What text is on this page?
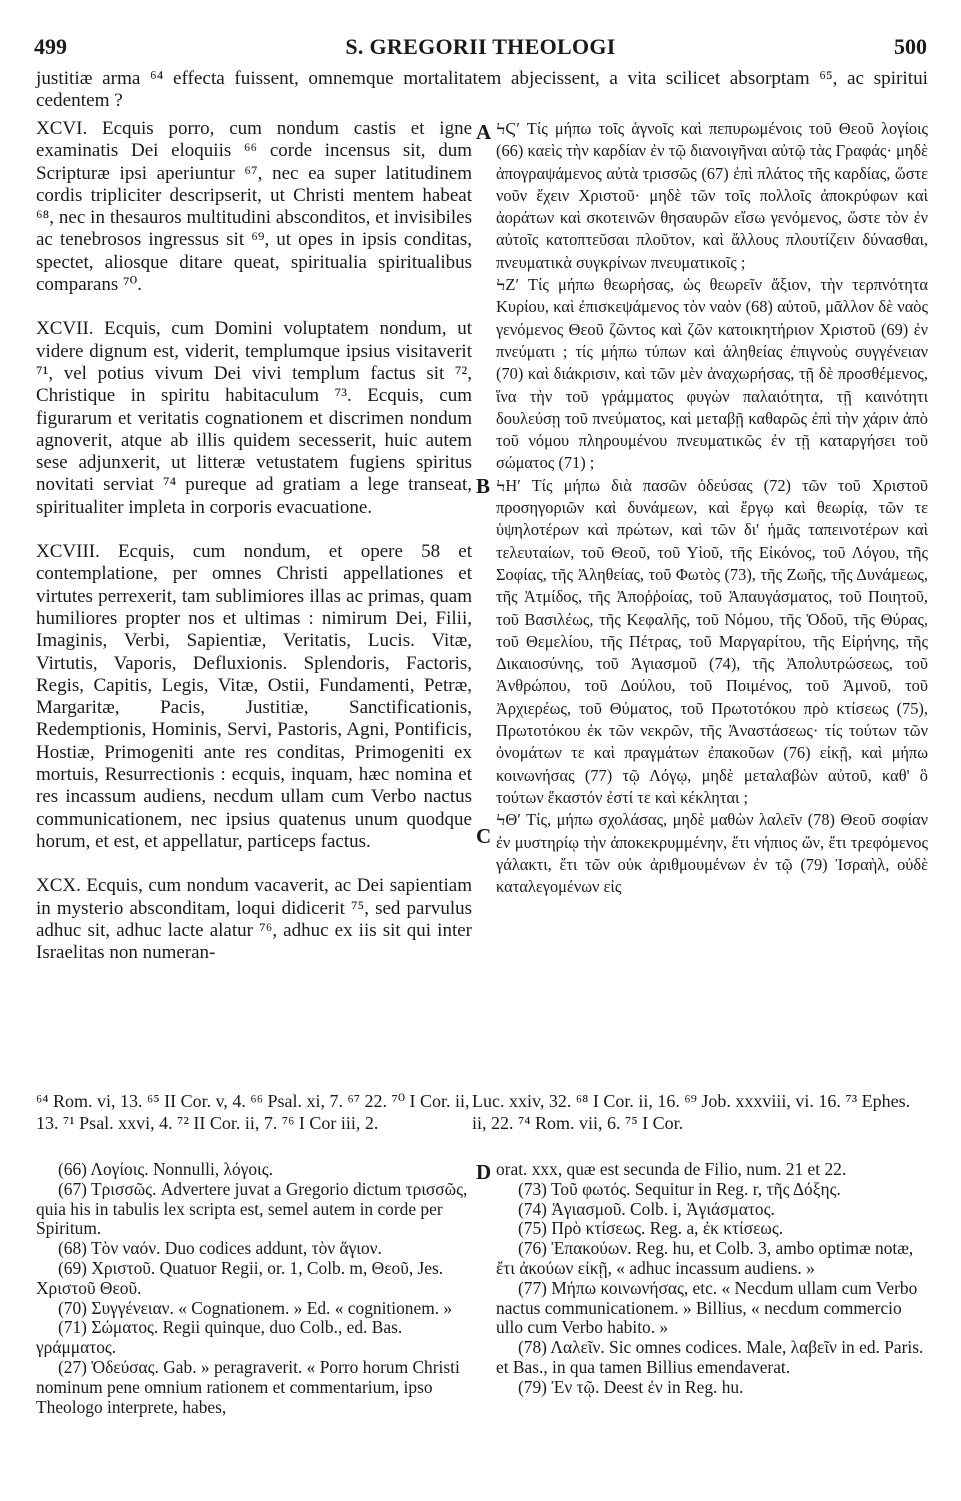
499	S. GREGORII THEOLOGI	500

justitiæ arma ⁶⁴ effecta fuissent, omnemque mortalitatem abjecissent, a vita scilicet absorptam ⁶⁵, ac spiritui cedentem ?

XCVI. Ecquis porro, cum nondum castis et igne examinatis Dei eloquiis ⁶⁶ corde incensus sit, dum Scripturæ ipsi aperiuntur ⁶⁷, nec ea super latitudinem cordis tripliciter descripserit, ut Christi mentem habeat ⁶⁸, nec in thesauros multitudini absconditos, et invisibiles ac tenebrosos ingressus sit ⁶⁹, ut opes in ipsis conditas, spectet, aliosque ditare queat, spiritualia spiritualibus comparans ⁷⁰.

XCVII. Ecquis, cum Domini voluptatem nondum, ut videre dignum est, viderit, templumque ipsius visitaverit ⁷¹, vel potius vivum Dei vivi templum factus sit ⁷², Christique in spiritu habitaculum ⁷³. Ecquis, cum figurarum et veritatis cognationem et discrimen nondum agnoverit, atque ab illis quidem secesserit, huic autem sese adjunxerit, ut litteræ vetustatem fugiens spiritus novitati serviat ⁷⁴ pureque ad gratiam a lege transeat, spiritualiter impleta in corporis evacuatione.

XCVIII. Ecquis, cum nondum, et opere 58 et contemplatione, per omnes Christi appellationes et virtutes perrexerit, tam sublimiores illas ac primas, quam humiliores propter nos et ultimas : nimirum Dei, Filii, Imaginis, Verbi, Sapientiæ, Veritatis, Lucis. Vitæ, Virtutis, Vaporis, Defluxionis. Splendoris, Factoris, Regis, Capitis, Legis, Vitæ, Ostii, Fundamenti, Petræ, Margaritæ, Pacis, Justitiæ, Sanctificationis, Redemptionis, Hominis, Servi, Pastoris, Agni, Pontificis, Hostiæ, Primogeniti ante res conditas, Primogeniti ex mortuis, Resurrectionis : ecquis, inquam, hæc nomina et res incassum audiens, necdum ullam cum Verbo nactus communicationem, nec ipsius quatenus unum quodque horum, et est, et appellatur, particeps factus.

XCX. Ecquis, cum nondum vacaverit, ac Dei sapientiam in mysterio absconditam, loqui didicerit ⁷⁵, sed parvulus adhuc sit, adhuc lacte alatur ⁷⁶, adhuc ex iis sit qui inter Israelitas non numeran-

A
B
C
D

ϞϚʹ Τίς μήπω τοῖς ἁγνοῖς καὶ πεπυρωμένοις τοῦ Θεοῦ λογίοις (66) καεὶς τὴν καρδίαν ἐν τῷ διανοιγῆναι αὐτῷ τὰς Γραφάς· μηδὲ ἀπογραψάμενος αὐτὰ τρισσῶς (67) ἐπὶ πλάτος τῆς καρδίας, ὥστε νοῦν ἔχειν Χριστοῦ· μηδὲ τῶν τοῖς πολλοῖς ἀποκρύφων καὶ ἀοράτων καὶ σκοτεινῶν θησαυρῶν εἴσω γενόμενος, ὥστε τὸν ἐν αὐτοῖς κατοπτεῦσαι πλοῦτον, καὶ ἄλλους πλουτίζειν δύνασθαι, πνευματικὰ συγκρίνων πνευματικοῖς ;

ϞΖʹ Τίς μήπω θεωρήσας, ὡς θεωρεῖν ἄξιον, τὴν τερπνότητα Κυρίου, καὶ ἐπισκεψάμενος τὸν ναὸν (68) αὐτοῦ, μᾶλλον δὲ ναὸς γενόμενος Θεοῦ ζῶντος καὶ ζῶν κατοικητήριον Χριστοῦ (69) ἐν πνεύματι ; τίς μήπω τύπων καὶ ἀληθείας ἐπιγνοὺς συγγένειαν (70) καὶ διάκρισιν, καὶ τῶν μὲν ἀναχωρήσας, τῇ δὲ προσθέμενος, ἵνα τὴν τοῦ γράμματος φυγὼν παλαιότητα, τῇ καινότητι δουλεύσῃ τοῦ πνεύματος, καὶ μεταβῇ καθαρῶς ἐπὶ τὴν χάριν ἀπὸ τοῦ νόμου πληρουμένου πνευματικῶς ἐν τῇ καταργήσει τοῦ σώματος (71) ;

ϞΗʹ Τίς μήπω διὰ πασῶν ὁδεύσας (72) τῶν τοῦ Χριστοῦ προσηγοριῶν καὶ δυνάμεων, καὶ ἔργῳ καὶ θεωρίᾳ, τῶν τε ὑψηλοτέρων καὶ πρώτων, καὶ τῶν δι' ἡμᾶς ταπεινοτέρων καὶ τελευταίων, τοῦ Θεοῦ, τοῦ Υἱοῦ, τῆς Εἰκόνος, τοῦ Λόγου, τῆς Σοφίας, τῆς Ἀληθείας, τοῦ Φωτὸς (73), τῆς Ζωῆς, τῆς Δυνάμεως, τῆς Ἀτμίδος, τῆς Ἀποῤῥοίας, τοῦ Ἀπαυγάσματος, τοῦ Ποιητοῦ, τοῦ Βασιλέως, τῆς Κεφαλῆς, τοῦ Νόμου, τῆς Ὁδοῦ, τῆς Θύρας, τοῦ Θεμελίου, τῆς Πέτρας, τοῦ Μαργαρίτου, τῆς Εἰρήνης, τῆς Δικαιοσύνης, τοῦ Ἁγιασμοῦ (74), τῆς Ἀπολυτρώσεως, τοῦ Ἀνθρώπου, τοῦ Δούλου, τοῦ Ποιμένος, τοῦ Ἀμνοῦ, τοῦ Ἀρχιερέως, τοῦ Θύματος, τοῦ Πρωτοτόκου πρὸ κτίσεως (75), Πρωτοτόκου ἐκ τῶν νεκρῶν, τῆς Ἀναστάσεως· τίς τούτων τῶν ὀνομάτων τε καὶ πραγμάτων ἐπακοῦων (76) εἰκῇ, καὶ μήπω κοινωνήσας (77) τῷ Λόγῳ, μηδὲ μεταλαβὼν αὐτοῦ, καθ' ὃ τούτων ἕκαστόν ἐστί τε καὶ κέκληται ;

ϞΘʹ Τίς, μήπω σχολάσας, μηδὲ μαθὼν λαλεῖν (78) Θεοῦ σοφίαν ἐν μυστηρίῳ τὴν ἀποκεκρυμμένην, ἔτι νήπιος ὤν, ἔτι τρεφόμενος γάλακτι, ἔτι τῶν οὐκ ἀριθμουμένων ἐν τῷ (79) Ἰσραὴλ, οὐδὲ καταλεγομένων εἰς

⁶⁴ Rom. vi, 13. ⁶⁵ II Cor. v, 4. ⁶⁶ Psal. xi, 7. ⁶⁷ 22. ⁷⁰ I Cor. ii, 13. ⁷¹ Psal. xxvi, 4. ⁷² II Cor. ii, 7. ⁷⁶ I Cor iii, 2.
Luc. xxiv, 32. ⁶⁸ I Cor. ii, 16. ⁶⁹ Job. xxxviii, vi. 16. ⁷³ Ephes. ii, 22. ⁷⁴ Rom. vii, 6. ⁷⁵ I Cor.

(66) Λογίοις. Nonnulli, λόγοις.

(67) Τρισσῶς. Advertere juvat a Gregorio dictum τρισσῶς, quia his in tabulis lex scripta est, semel autem in corde per Spiritum.

(68) Τὸν ναόν. Duo codices addunt, τὸν ἅγιον.

(69) Χριστοῦ. Quatuor Regii, or. 1, Colb. m, Θεοῦ, Jes. Χριστοῦ Θεοῦ.

(70) Συγγένειαν. « Cognationem. » Ed. « cognitionem. »

(71) Σώματος. Regii quinque, duo Colb., ed. Bas. γράμματος.

(27) Ὁδεύσας. Gab. » peragraverit. « Porro horum Christi nominum pene omnium rationem et commentarium, ipso Theologo interprete, habes,

orat. xxx, quæ est secunda de Filio, num. 21 et 22.

(73) Τοῦ φωτός. Sequitur in Reg. r, τῆς Δόξης.

(74) Ἁγιασμοῦ. Colb. i, Ἁγιάσματος.

(75) Πρὸ κτίσεως. Reg. a, ἐκ κτίσεως.

(76) Ἐπακούων. Reg. hu, et Colb. 3, ambo optimæ notæ, ἔτι ἀκούων εἰκῇ, « adhuc incassum audiens. »

(77) Μήπω κοινωνήσας, etc. « Necdum ullam cum Verbo nactus communicationem. » Billius, « necdum commercio ullo cum Verbo habito. »

(78) Λαλεῖν. Sic omnes codices. Male, λαβεῖν in ed. Paris. et Bas., in qua tamen Billius emendaverat.

(79) Ἐν τῷ. Deest ἐν in Reg. hu.
